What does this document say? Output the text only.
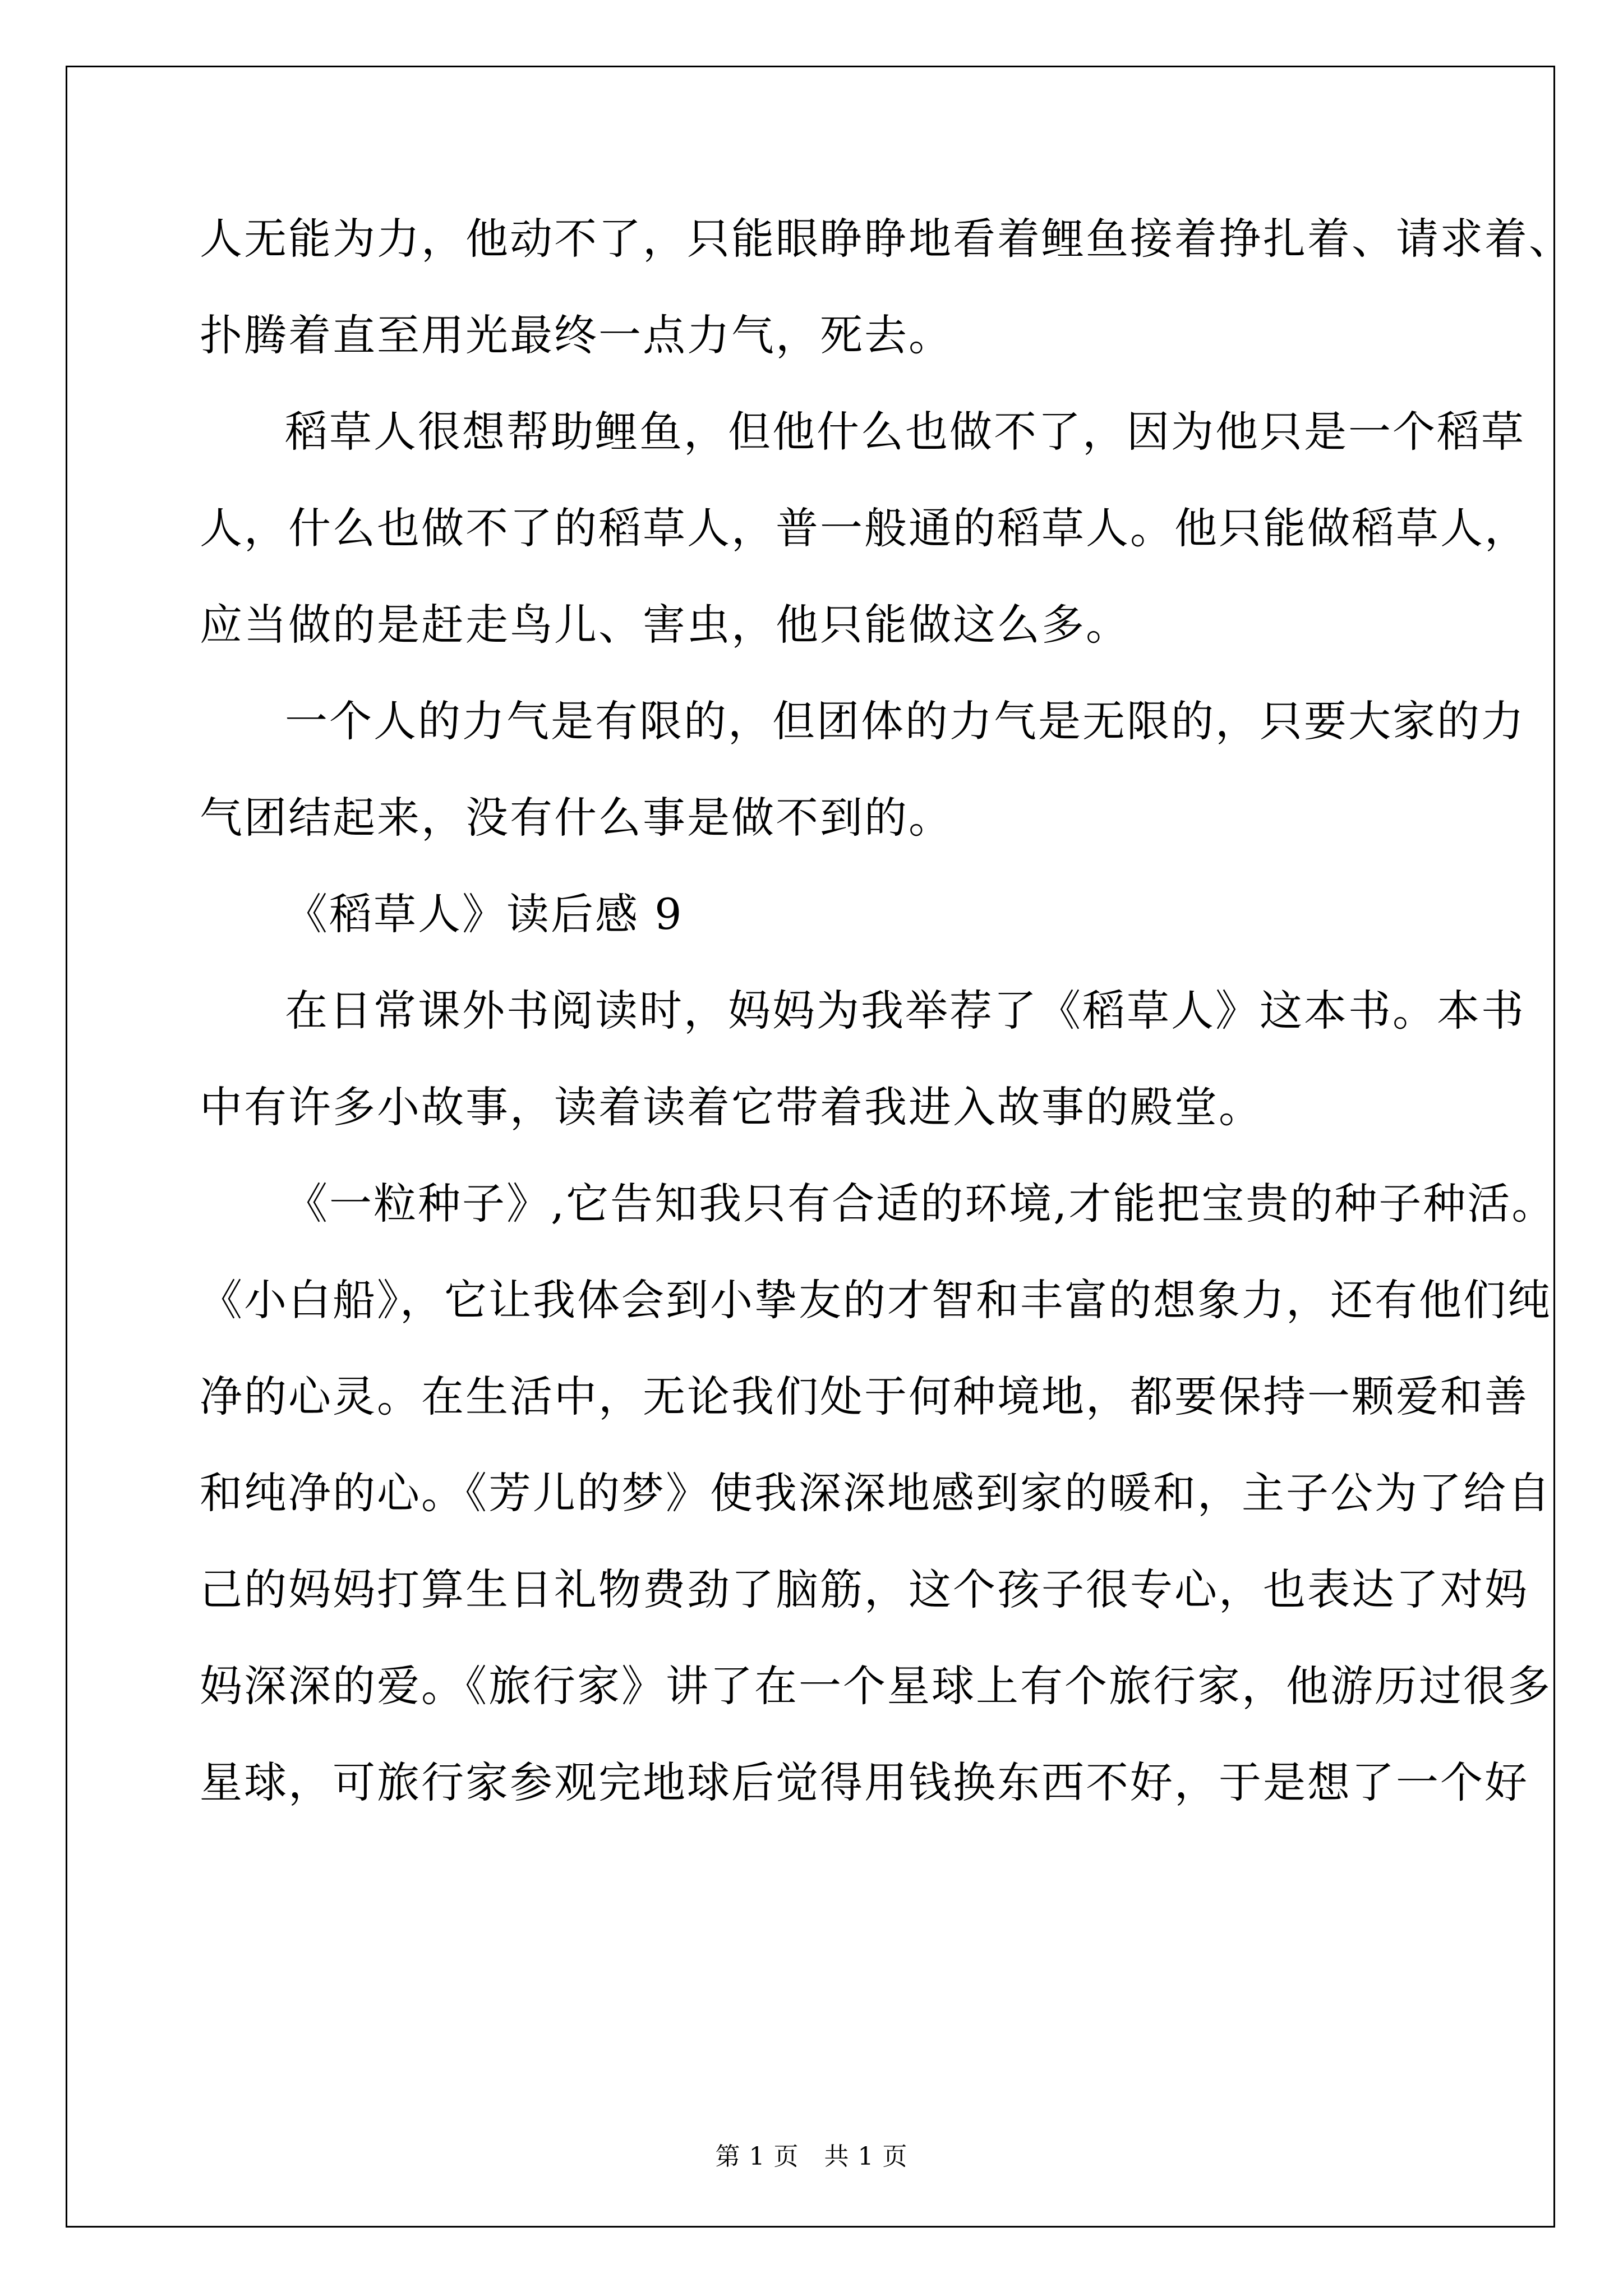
人无能为力，他动不了，只能眼睁睁地看着鲤鱼接着挣扎着、请求着、

扑腾着直至用光最终一点力气，死去。

稻草人很想帮助鲤鱼，但他什么也做不了，因为他只是一个稻草

人，什么也做不了的稻草人，普一般通的稻草人。他只能做稻草人，

应当做的是赶走鸟儿、害虫，他只能做这么多。

一个人的力气是有限的，但团体的力气是无限的，只要大家的力

气团结起来，没有什么事是做不到的。

《稻草人》读后感 9

在日常课外书阅读时，妈妈为我举荐了《稻草人》这本书。本书

中有许多小故事，读着读着它带着我进入故事的殿堂。

《一粒种子》,它告知我只有合适的环境,才能把宝贵的种子种活。

《小白船》，它让我体会到小挚友的才智和丰富的想象力，还有他们纯

净的心灵。在生活中，无论我们处于何种境地，都要保持一颗爱和善

和纯净的心。《芳儿的梦》使我深深地感到家的暖和，主子公为了给自

己的妈妈打算生日礼物费劲了脑筋，这个孩子很专心，也表达了对妈

妈深深的爱。《旅行家》讲了在一个星球上有个旅行家，他游历过很多

星球，可旅行家参观完地球后觉得用钱换东西不好，于是想了一个好

第 1 页　共 1 页
